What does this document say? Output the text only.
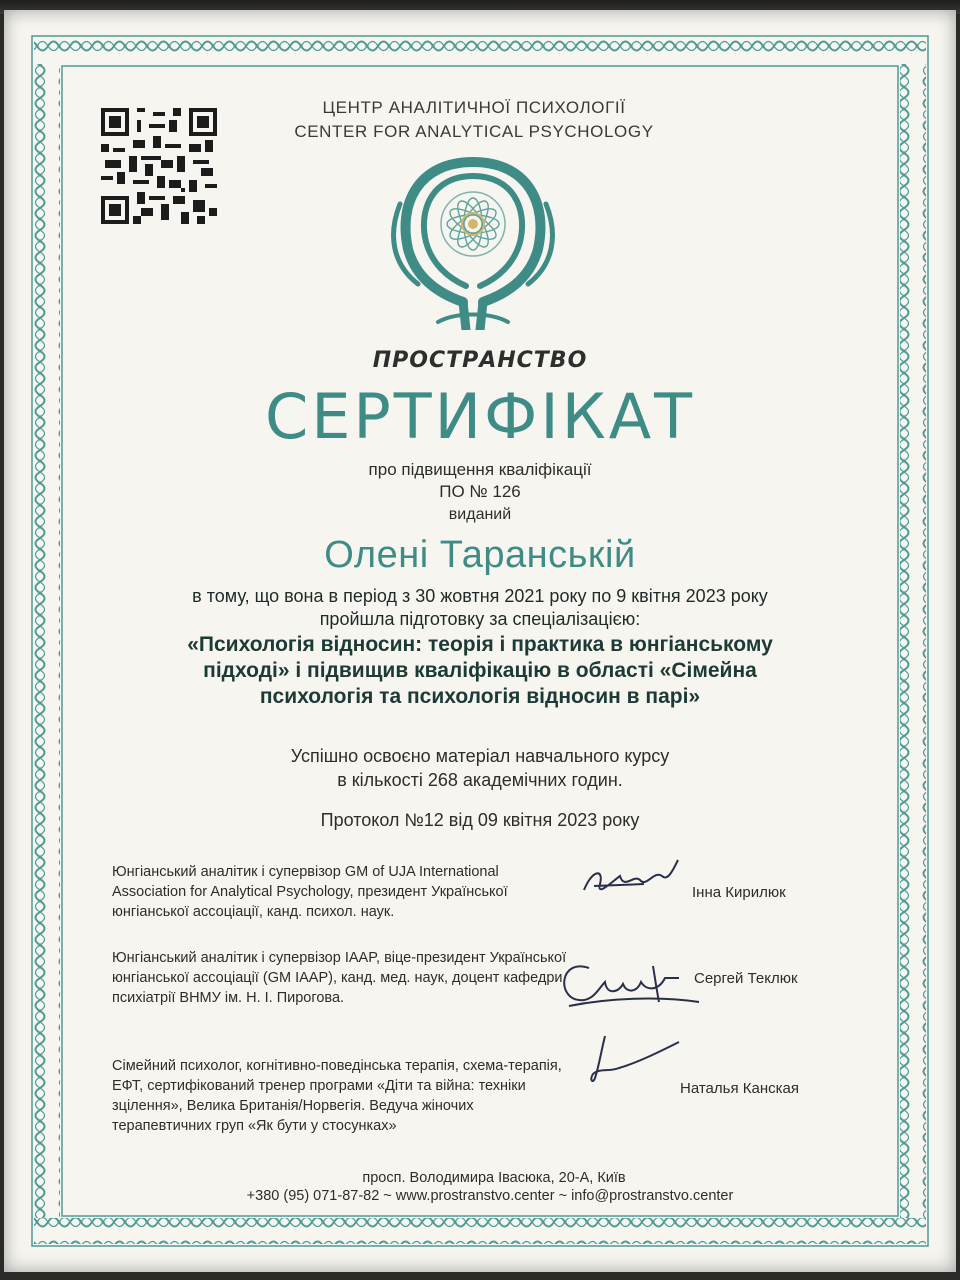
ЦЕНТР АНАЛІТИЧНОЇ ПСИХОЛОГІЇ
CENTER FOR ANALYTICAL PSYCHOLOGY
ПРОСТРАНСТВО
СЕРТИФІКАТ
про підвищення кваліфікації
ПО № 126
виданий
Олені Таранській
в тому, що вона в період з 30 жовтня 2021 року по 9 квітня 2023 року
пройшла підготовку за спеціалізацією:
«Психологія відносин: теорія і практика в юнгіанському підході» і підвищив кваліфікацію в області «Сімейна психологія та психологія відносин в парі»
Успішно освоєно матеріал навчального курсу
в кількості 268 академічних годин.
Протокол №12 від 09 квітня 2023 року
Юнгіанський аналітик і супервізор GM of UJA International Association for Analytical Psychology, президент Української юнгіанської ассоціації, канд. психол. наук.
Інна Кирилюк
Юнгіанський аналітик і супервізор IAAP, віце-президент Української юнгіанської ассоціації (GM IAAP), канд. мед. наук, доцент кафедри психіатрії ВНМУ ім. Н. І. Пирогова.
Сергей Теклюк
Сімейний психолог, когнітивно-поведінська терапія, схема-терапія, ЕФТ, сертифікований тренер програми «Діти та війна: техніки зцілення», Велика Британія/Норвегія. Ведуча жіночих терапевтичних груп «Як бути у стосунках»
Наталья Канская
просп. Володимира Івасюка, 20-А, Київ
+380 (95) 071-87-82 ~ www.prostranstvo.center ~ info@prostranstvo.center
